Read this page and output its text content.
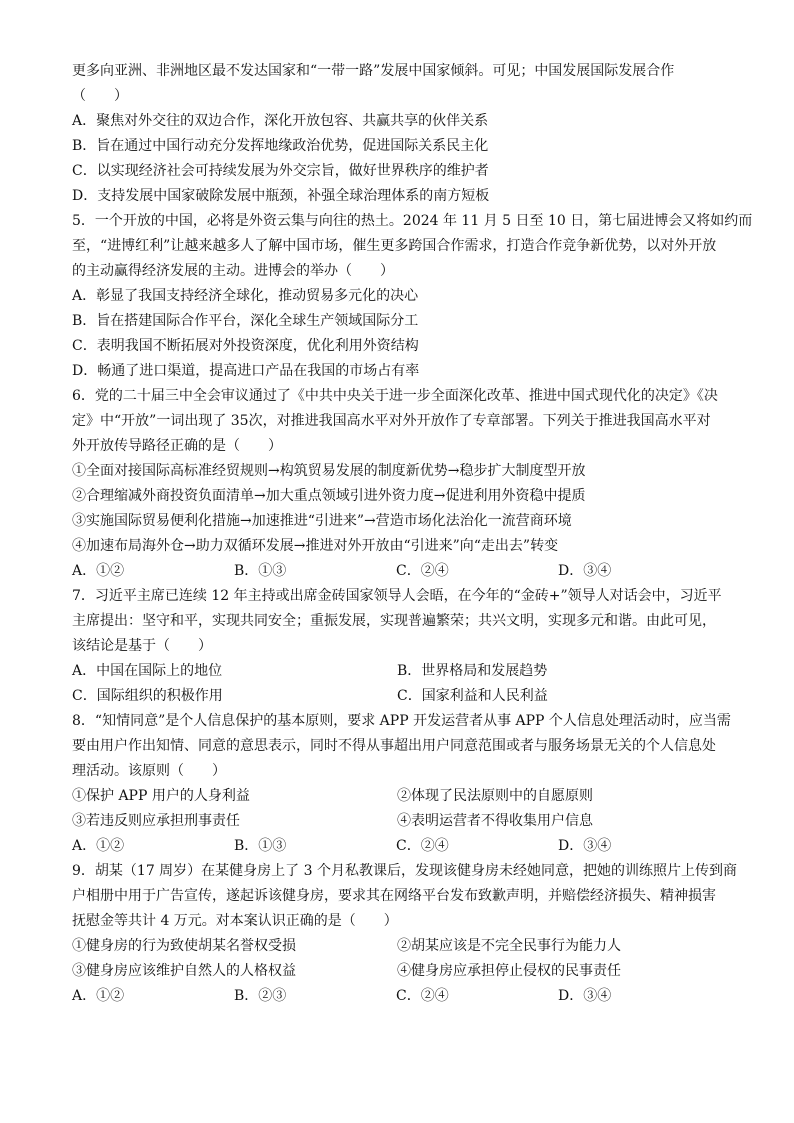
更多向亚洲、非洲地区最不发达国家和“一带一路”发展中国家倾斜。可见；中国发展国际发展合作
（　　）
A．聚焦对外交往的双边合作，深化开放包容、共赢共享的伙伴关系
B．旨在通过中国行动充分发挥地缘政治优势，促进国际关系民主化
C．以实现经济社会可持续发展为外交宗旨，做好世界秩序的维护者
D．支持发展中国家破除发展中瓶颈，补强全球治理体系的南方短板
5．一个开放的中国，必将是外资云集与向往的热土。2024 年 11 月 5 日至 10 日，第七届进博会又将如约而
至，“进博红利”让越来越多人了解中国市场，催生更多跨国合作需求，打造合作竞争新优势，以对外开放
的主动赢得经济发展的主动。进博会的举办（　　）
A．彰显了我国支持经济全球化，推动贸易多元化的决心
B．旨在搭建国际合作平台，深化全球生产领域国际分工
C．表明我国不断拓展对外投资深度，优化利用外资结构
D．畅通了进口渠道，提高进口产品在我国的市场占有率
6．党的二十届三中全会审议通过了《中共中央关于进一步全面深化改革、推进中国式现代化的决定》《决
定》中“开放”一词出现了 35次，对推进我国高水平对外开放作了专章部署。下列关于推进我国高水平对
外开放传导路径正确的是（　　）
①全面对接国际高标准经贸规则→构筑贸易发展的制度新优势→稳步扩大制度型开放
②合理缩减外商投资负面清单→加大重点领域引进外资力度→促进利用外资稳中提质
③实施国际贸易便利化措施→加速推进“引进来”→营造市场化法治化一流营商环境
④加速布局海外仓→助力双循环发展→推进对外开放由“引进来”向“走出去”转变
A．①②	B．①③	C．②④	D．③④
7．习近平主席已连续 12 年主持或出席金砖国家领导人会晤，在今年的“金砖+”领导人对话会中，习近平
主席提出：坚守和平，实现共同安全；重振发展，实现普遍繁荣；共兴文明，实现多元和谐。由此可见，
该结论是基于（　　）
A．中国在国际上的地位	B．世界格局和发展趋势
C．国际组织的积极作用	C．国家利益和人民利益
8．“知情同意”是个人信息保护的基本原则，要求 APP 开发运营者从事 APP 个人信息处理活动时，应当需
要由用户作出知情、同意的意思表示，同时不得从事超出用户同意范围或者与服务场景无关的个人信息处
理活动。该原则（　　）
①保护 APP 用户的人身利益	②体现了民法原则中的自愿原则
③若违反则应承担刑事责任	④表明运营者不得收集用户信息
A．①②	B．①③	C．②④	D．③④
9．胡某（17 周岁）在某健身房上了 3 个月私教课后，发现该健身房未经她同意，把她的训练照片上传到商
户相册中用于广告宣传，遂起诉该健身房，要求其在网络平台发布致歉声明，并赔偿经济损失、精神损害
抚慰金等共计 4 万元。对本案认识正确的是（　　）
①健身房的行为致使胡某名誉权受损	②胡某应该是不完全民事行为能力人
③健身房应该维护自然人的人格权益	④健身房应承担停止侵权的民事责任
A．①②	B．②③	C．②④	D．③④
